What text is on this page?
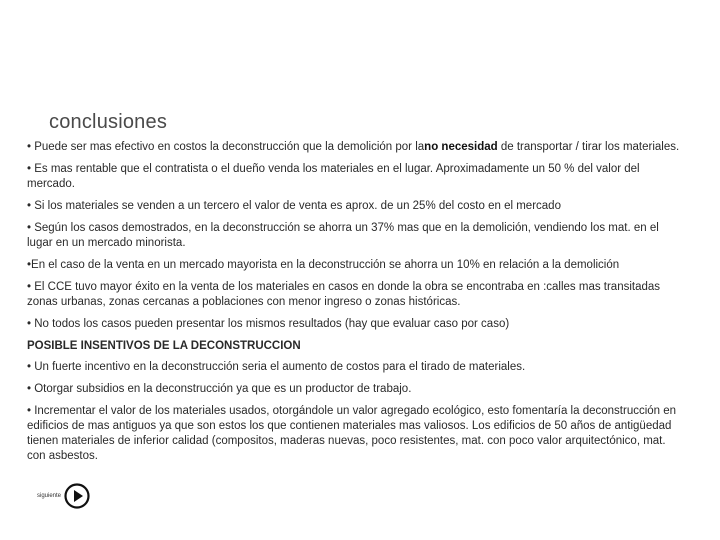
conclusiones

• Puede ser mas efectivo en costos la deconstrucción que la demolición por lano necesidad de transportar / tirar los materiales.

• Es mas rentable que el contratista o el dueño venda los materiales en el lugar. Aproximadamente un 50 % del valor del mercado.

• Si los materiales se venden a un tercero el valor de venta es aprox. de un 25% del costo en el mercado

• Según los casos demostrados, en la deconstrucción se ahorra un 37% mas que en la demolición, vendiendo los mat. en el lugar en un mercado minorista.

•En el caso de la venta en un mercado mayorista en la deconstrucción se ahorra un 10% en relación a la demolición

• El CCE tuvo mayor éxito en la venta de los materiales en casos en donde la obra se encontraba en :calles mas transitadas zonas urbanas, zonas cercanas a poblaciones con menor ingreso o zonas históricas.

• No todos los casos pueden presentar los mismos resultados (hay que evaluar caso por caso)

POSIBLE INSENTIVOS DE LA DECONSTRUCCION

• Un fuerte incentivo en la deconstrucción seria el aumento de costos para el tirado de materiales.

• Otorgar subsidios en la deconstrucción ya que es un productor de trabajo.

• Incrementar el valor de los materiales usados, otorgándole un valor agregado ecológico, esto fomentaría la deconstrucción en edificios de mas antiguos ya que son estos los que contienen materiales mas valiosos. Los edificios de 50 años de antigüedad tienen materiales de inferior calidad (compositos, maderas nuevas, poco resistentes, mat. con poco valor arquitectónico, mat. con asbestos.

siguiente
